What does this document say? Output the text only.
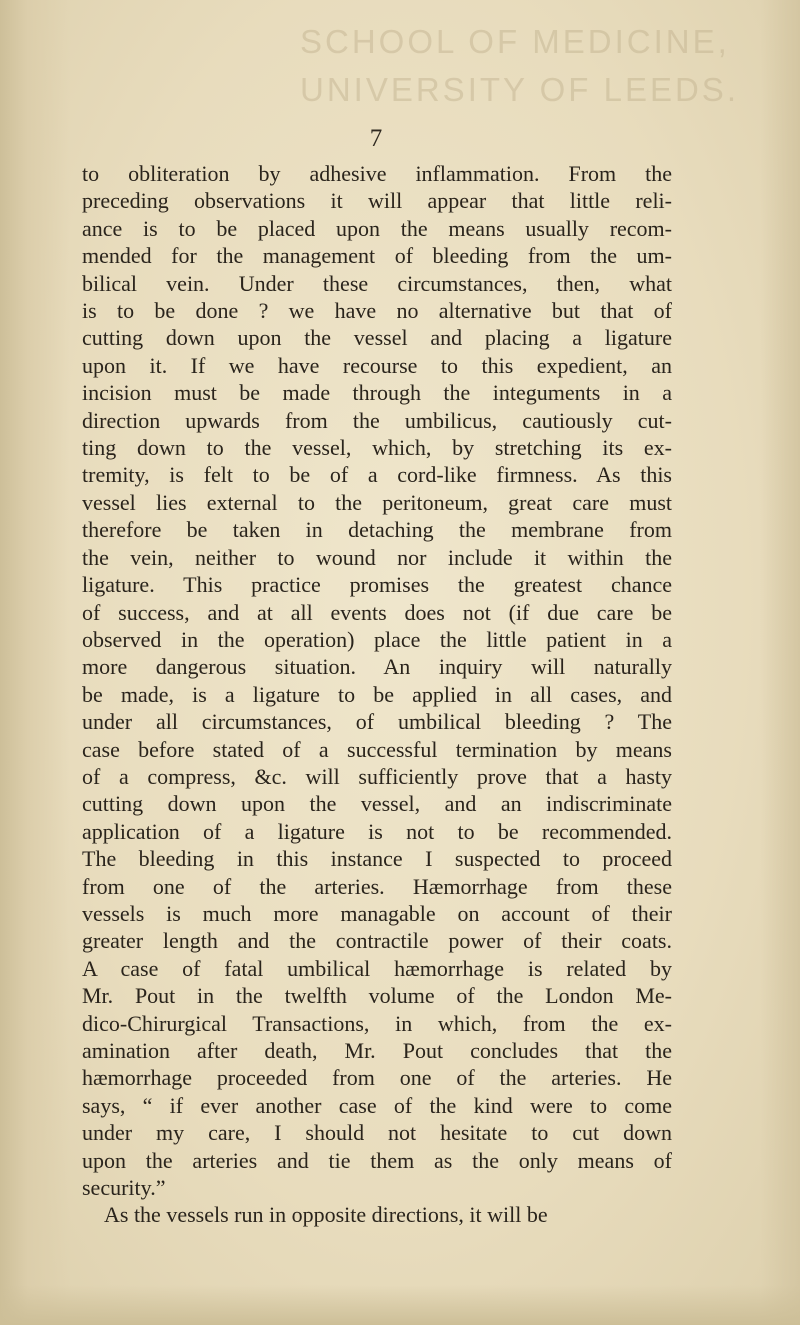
SCHOOL OF MEDICINE,
UNIVERSITY OF LEEDS.
7
to obliteration by adhesive inflammation. From the
preceding observations it will appear that little reli-
ance is to be placed upon the means usually recom-
mended for the management of bleeding from the um-
bilical vein. Under these circumstances, then, what
is to be done ? we have no alternative but that of
cutting down upon the vessel and placing a ligature
upon it. If we have recourse to this expedient, an
incision must be made through the integuments in a
direction upwards from the umbilicus, cautiously cut-
ting down to the vessel, which, by stretching its ex-
tremity, is felt to be of a cord-like firmness. As this
vessel lies external to the peritoneum, great care must
therefore be taken in detaching the membrane from
the vein, neither to wound nor include it within the
ligature. This practice promises the greatest chance
of success, and at all events does not (if due care be
observed in the operation) place the little patient in a
more dangerous situation. An inquiry will naturally
be made, is a ligature to be applied in all cases, and
under all circumstances, of umbilical bleeding ? The
case before stated of a successful termination by means
of a compress, &c. will sufficiently prove that a hasty
cutting down upon the vessel, and an indiscriminate
application of a ligature is not to be recommended.
The bleeding in this instance I suspected to proceed
from one of the arteries. Hæmorrhage from these
vessels is much more managable on account of their
greater length and the contractile power of their coats.
A case of fatal umbilical hæmorrhage is related by
Mr. Pout in the twelfth volume of the London Me-
dico-Chirurgical Transactions, in which, from the ex-
amination after death, Mr. Pout concludes that the
hæmorrhage proceeded from one of the arteries. He
says, “ if ever another case of the kind were to come
under my care, I should not hesitate to cut down
upon the arteries and tie them as the only means of
security.”
As the vessels run in opposite directions, it will be
